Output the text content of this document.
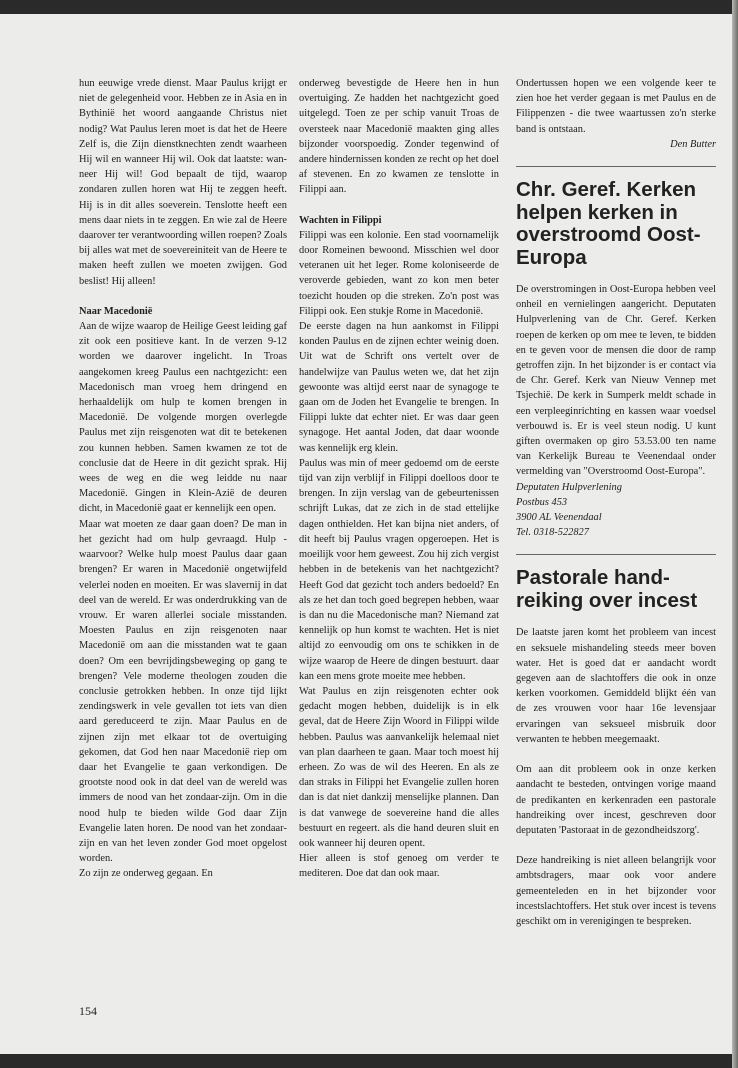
hun eeuwige vrede dienst. Maar Paulus krijgt er niet de gelegenheid voor. Hebben ze in Asia en in Bythinië het woord aangaande Christus niet nodig? Wat Paulus leren moet is dat het de Heere Zelf is, die Zijn dienstknechten zendt waarheen Hij wil en wanneer Hij wil. Ook dat laatste: wanneer Hij wil! God bepaalt de tijd, waarop zondaren zullen horen wat Hij te zeggen heeft. Hij is in dit alles soeverein. Tenslotte heeft een mens daar niets in te zeggen. En wie zal de Heere daarover ter verantwoording willen roepen? Zoals bij alles wat met de soevereiniteit van de Heere te maken heeft zullen we moeten zwijgen. God beslist! Hij alleen!

Naar Macedonië

Aan de wijze waarop de Heilige Geest leiding gaf zit ook een positieve kant. In de verzen 9-12 worden we daarover ingelicht. In Troas aangekomen kreeg Paulus een nachtgezicht: een Macedonisch man vroeg hem dringend en herhaaldelijk om hulp te komen brengen in Macedonië. De volgende morgen overlegde Paulus met zijn reisgenoten wat dit te betekenen zou kunnen hebben. Samen kwamen ze tot de conclusie dat de Heere in dit gezicht sprak. Hij wees de weg en die weg leidde nu naar Macedonië. Gingen in Klein-Azië de deuren dicht, in Macedonië gaat er kennelijk een open.

Maar wat moeten ze daar gaan doen? De man in het gezicht had om hulp gevraagd. Hulp - waarvoor? Welke hulp moest Paulus daar gaan brengen? Er waren in Macedonië ongetwijfeld velerlei noden en moeiten. Er was slavernij in dat deel van de wereld. Er was onderdrukking van de vrouw. Er waren allerlei sociale misstanden. Moesten Paulus en zijn reisgenoten naar Macedonië om aan die misstanden wat te gaan doen? Om een bevrijdingsbeweging op gang te brengen? Vele moderne theologen zouden die conclusie getrokken hebben. In onze tijd lijkt zendingswerk in vele gevallen tot iets van dien aard gereduceerd te zijn. Maar Paulus en de zijnen zijn met elkaar tot de overtuiging gekomen, dat God hen naar Macedonië riep om daar het Evangelie te gaan verkondigen. De grootste nood ook in dat deel van de wereld was immers de nood van het zondaar-zijn. Om in die nood hulp te bieden wilde God daar Zijn Evangelie laten horen. De nood van het zondaarzijn en van het leven zonder God moet opgelost worden.

Zo zijn ze onderweg gegaan. En

onderweg bevestigde de Heere hen in hun overtuiging. Ze hadden het nachtgezicht goed uitgelegd. Toen ze per schip vanuit Troas de oversteek naar Macedonië maakten ging alles bijzonder voorspoedig. Zonder tegenwind of andere hindernissen konden ze recht op het doel af stevenen. En zo kwamen ze tenslotte in Filippi aan.

Wachten in Filippi

Filippi was een kolonie. Een stad voornamelijk door Romeinen bewoond. Misschien wel door veteranen uit het leger. Rome koloniseerde de veroverde gebieden, want zo kon men beter toezicht houden op die streken. Zo'n post was Filippi ook. Een stukje Rome in Macedonië.

De eerste dagen na hun aankomst in Filippi konden Paulus en de zijnen echter weinig doen. Uit wat de Schrift ons vertelt over de handelwijze van Paulus weten we, dat het zijn gewoonte was altijd eerst naar de synagoge te gaan om de Joden het Evangelie te brengen. In Filippi lukte dat echter niet. Er was daar geen synagoge. Het aantal Joden, dat daar woonde was kennelijk erg klein.

Paulus was min of meer gedoemd om de eerste tijd van zijn verblijf in Filippi doelloos door te brengen. In zijn verslag van de gebeurtenissen schrijft Lukas, dat ze zich in de stad ettelijke dagen onthielden. Het kan bijna niet anders, of dit heeft bij Paulus vragen opgeroepen. Het is moeilijk voor hem geweest. Zou hij zich vergist hebben in de betekenis van het nachtgezicht? Heeft God dat gezicht toch anders bedoeld? En als ze het dan toch goed begrepen hebben, waar is dan nu die Macedonische man? Niemand zat kennelijk op hun komst te wachten. Het is niet altijd zo eenvoudig om ons te schikken in de wijze waarop de Heere de dingen bestuurt. daar kan een mens grote moeite mee hebben.

Wat Paulus en zijn reisgenoten echter ook gedacht mogen hebben, duidelijk is in elk geval, dat de Heere Zijn Woord in Filippi wilde hebben. Paulus was aanvankelijk helemaal niet van plan daarheen te gaan. Maar toch moest hij erheen. Zo was de wil des Heeren. En als ze dan straks in Filippi het Evangelie zullen horen dan is dat niet dankzij menselijke plannen. Dan is dat vanwege de soevereine hand die alles bestuurt en regeert. als die hand deuren sluit en ook wanneer hij deuren opent.

Hier alleen is stof genoeg om verder te mediteren. Doe dat dan ook maar.

Ondertussen hopen we een volgende keer te zien hoe het verder gegaan is met Paulus en de Filippenzen - die twee waartussen zo'n sterke band is ontstaan.

Den Butter

Chr. Geref. Kerken helpen kerken in overstroomd Oost-Europa

De overstromingen in Oost-Europa hebben veel onheil en vernielingen aangericht. Deputaten Hulpverlening van de Chr. Geref. Kerken roepen de kerken op om mee te leven, te bidden en te geven voor de mensen die door de ramp getroffen zijn. In het bijzonder is er contact via de Chr. Geref. Kerk van Nieuw Vennep met Tsjechië. De kerk in Sumperk meldt schade in een verpleeginrichting en kassen waar voedsel verbouwd is. Er is veel steun nodig. U kunt giften overmaken op giro 53.53.00 ten name van Kerkelijk Bureau te Veenendaal onder vermelding van "Overstroomd Oost-Europa".

Deputaten Hulpverlening

Postbus 453

3900 AL Veenendaal

Tel. 0318-522827

Pastorale handreiking over incest

De laatste jaren komt het probleem van incest en seksuele mishandeling steeds meer boven water. Het is goed dat er aandacht wordt gegeven aan de slachtoffers die ook in onze kerken voorkomen. Gemiddeld blijkt één van de zes vrouwen voor haar 16e levensjaar ervaringen van seksueel misbruik door verwanten te hebben meegemaakt.

Om aan dit probleem ook in onze kerken aandacht te besteden, ontvingen vorige maand de predikanten en kerkenraden een pastorale handreiking over incest, geschreven door deputaten 'Pastoraat in de gezondheidszorg'.

Deze handreiking is niet alleen belangrijk voor ambtsdragers, maar ook voor andere gemeenteleden en in het bijzonder voor incestslachtoffers. Het stuk over incest is tevens geschikt om in verenigingen te bespreken.

154
